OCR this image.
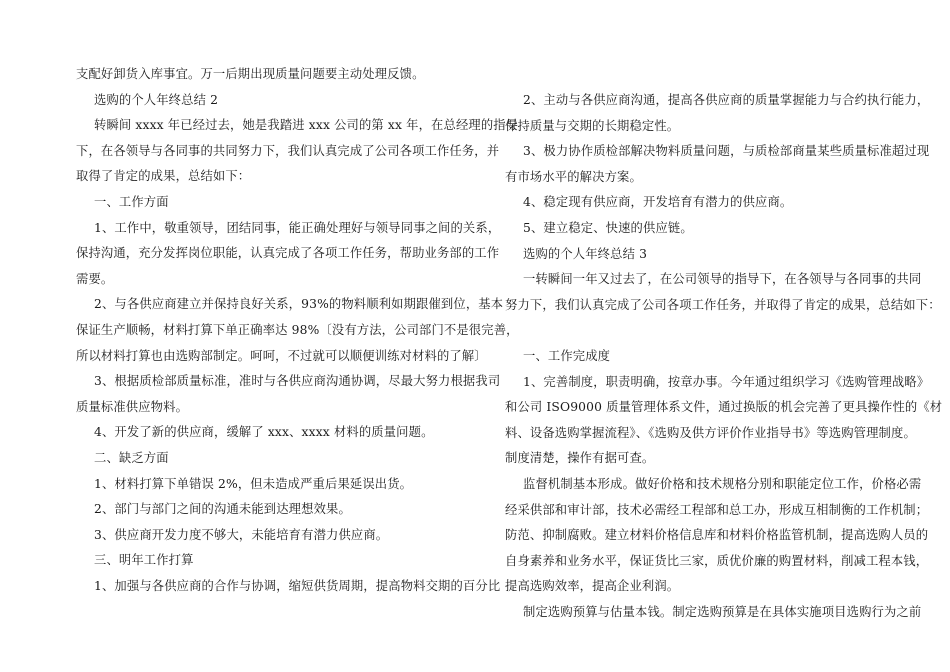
支配好卸货入库事宜。万一后期出现质量问题要主动处理反馈。
选购的个人年终总结 2
转瞬间 xxxx 年已经过去，她是我踏进 xxx 公司的第 xx 年，在总经理的指导
下，在各领导与各同事的共同努力下，我们认真完成了公司各项工作任务，并
取得了肯定的成果，总结如下：
一、工作方面
1、工作中，敬重领导，团结同事，能正确处理好与领导同事之间的关系，
保持沟通，充分发挥岗位职能，认真完成了各项工作任务，帮助业务部的工作
需要。
2、与各供应商建立并保持良好关系，93%的物料顺利如期跟催到位，基本
保证生产顺畅，材料打算下单正确率达 98%〔没有方法，公司部门不是很完善，
所以材料打算也由选购部制定。呵呵，不过就可以顺便训练对材料的了解〕
3、根据质检部质量标准，准时与各供应商沟通协调，尽最大努力根据我司
质量标准供应物料。
4、开发了新的供应商，缓解了 xxx、xxxx 材料的质量问题。
二、缺乏方面
1、材料打算下单错误 2%，但未造成严重后果延误出货。
2、部门与部门之间的沟通未能到达理想效果。
3、供应商开发力度不够大，未能培育有潜力供应商。
三、明年工作打算
1、加强与各供应商的合作与协调，缩短供货周期，提高物料交期的百分比
2、主动与各供应商沟通，提高各供应商的质量掌握能力与合约执行能力，
保持质量与交期的长期稳定性。
3、极力协作质检部解决物料质量问题，与质检部商量某些质量标准超过现
有市场水平的解决方案。
4、稳定现有供应商，开发培育有潜力的供应商。
5、建立稳定、快速的供应链。
选购的个人年终总结 3
一转瞬间一年又过去了，在公司领导的指导下，在各领导与各同事的共同
努力下，我们认真完成了公司各项工作任务，并取得了肯定的成果，总结如下：
一、工作完成度
1、完善制度，职责明确，按章办事。今年通过组织学习《选购管理战略》
和公司 ISO9000 质量管理体系文件，通过换版的机会完善了更具操作性的《材
料、设备选购掌握流程》、《选购及供方评价作业指导书》等选购管理制度。
制度清楚，操作有据可查。
监督机制基本形成。做好价格和技术规格分别和职能定位工作，价格必需
经采供部和审计部，技术必需经工程部和总工办，形成互相制衡的工作机制；
防范、抑制腐败。建立材料价格信息库和材料价格监管机制，提高选购人员的
自身素养和业务水平，保证货比三家，质优价廉的购置材料，削减工程本钱，
提高选购效率，提高企业利润。
制定选购预算与估量本钱。制定选购预算是在具体实施项目选购行为之前
